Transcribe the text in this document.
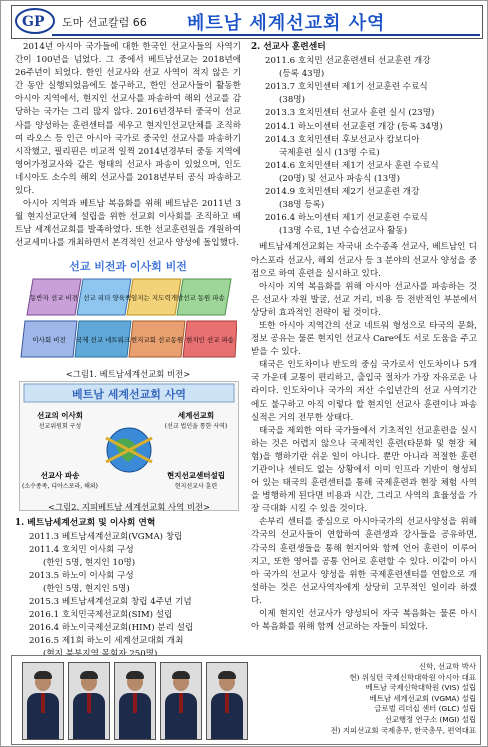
GP 도마 선교칼럼 66 베트남 세계선교회 사역

2014년 아시아 국가들에 대한 한국인 선교사들의 사역기간이 100년을 넘었다. 그 중에서 베트남선교는 2018년에 26주년이 되었다. 한인 선교사와 선교 사역이 적지 않은 기간 동안 실행되었음에도 불구하고, 한인 선교사들이 활동한 아시아 지역에서, 현지인 선교사를 파송하여 해외 선교를 감당하는 국가는 그리 많지 않다. 2016년경부터 중국이 선교사를 양성하는 훈련센터를 세우고 현지인선교단체를 조직하여 라오스 등 인근 아시아 국가로 중국인 선교사를 파송하기 시작했고, 필리핀은 비교적 일찍 2014년경부터 중동 지역에 영어가정교사와 같은 형태의 선교사 파송이 있었으며, 인도네시아도 소수의 해외 선교사를 2018년부터 공식 파송하고 있다.

아시아 지역과 베트남 복음화를 위해 베트남은 2011년 3월 현지선교단체 설립을 위한 선교회 이사회를 조직하고 베트남 세계선교회를 발족하였다. 또한 선교훈련원을 개원하여 선교세미나를 개최하면서 본격적인 선교사 양성에 돌입했다.

선교 비전과 이사회 비전
동반자 선교 비전 선교 리더 양육 책임지는 지도력개발 선교 동원 파송
이사회 비전 국제 선교 네트워크 현지교회 선교동원 현지인 선교 파송
<그림1. 베트남세계선교회 비전>
베트남 세계선교회 사역
선교의 이사회
선교위원회 구성
세계선교회
(선교 법인을 통한 사역)
선교사 파송
(소수종족, 디아스포라, 해외)
현지선교센터설립
현지선교사 훈련
<그림2. 지피베트남 세계선교회 사역 비전>
1. 베트남세계선교회 및 이사회 연혁
2011.3 베트남세계선교회(VGMA) 창립
2011.4 호치민 이사회 구성
(한인 5명, 현지인 10명)
2013.5 하노이 이사회 구성
(한인 5명, 현지인 5명)
2015.3 베트남세계선교회 창립 4주년 기념
2016.1 호치민국제선교회(SIM) 설립
2016.4 하노이국제선교회(HIM) 분리 설립
2016.5 제1회 하노이 세계선교대회 개최
2. 선교사 훈련센터
2011.6 호치민 선교훈련센터 선교훈련 개강
(등록 43명)
2013.7 호치민센터 제1기 선교훈련 수료식
(38명)
2013.3 호치민센터 선교사 훈련 실시 (23명)
2014.1 하노이센터 선교훈련 개강 (등록 34명)
2014.3 호치민센터 후보선교사 캄보디아
국제훈련 실시 (13명 수료)
2014.6 호치민센터 제1기 선교사 훈련 수료식
(20명) 및 선교사 파송식 (13명)
2014.9 호치민센터 제2기 선교훈련 개강
(38명 등록)
2016.4 하노이센터 제1기 선교훈련 수료식
(13명 수료, 1년 수습선교사 활동)

베트남세계선교회는 자국내 소수종족 선교사, 베트남인 디아스포라 선교사, 해외 선교사 등 3 분야의 선교사 양성을 중점으로 하여 훈련을 실시하고 있다.

아시아 지역 복음화를 위해 아시아 선교사를 파송하는 것은 선교사 자원 발굴, 선교 거리, 비용 등 전반적인 부분에서 상당히 효과적인 전략이 될 것이다.

또한 아시아 지역간의 선교 네트워 형성으로 타국의 문화, 정보 공유는 물론 현지인 선교사 Care에도 서로 도움을 주고받을 수 있다.

태국은 인도차이나 반도의 중심 국가로서 인도차이나 5개국 가운데 교통이 편리하고, 출입국 절차가 가장 자유로운 나라이다. 인도차이나 국가의 저산 수입년간의 선교 사역기간에도 불구하고 아직 이렇다 할 현지인 선교사 훈련이나 파송 실적은 거의 전무한 상태다.

태국을 제외한 여타 국가들에서 기초적인 선교훈련을 실시하는 것은 어렵지 않으나 국제적인 훈련(타문화 및 현장 체험)을 행하기란 쉬운 일이 아니다. 뿐만 아니라 적절한 훈련 기관이나 센터도 없는 상황에서 이미 인프라 기반이 형성되어 있는 태국의 훈련센터를 통해 국제훈련과 현장 체험 사역을 병행하게 된다면 비용과 시간, 그리고 사역의 효율성을 가장 극대화 시킬 수 있을 것이다.

손부리 센터를 중심으로 아시아국가의 선교사양성을 위해 각국의 선교사들이 연합하여 훈련생과 강사들을 공유하면, 각국의 훈련생들을 통해 현지어와 함께 언어 훈련이 이루어지고, 또한 영어를 공통 언어로 훈련할 수 있다. 이같이 아시아 국가의 선교사 양성을 위한 국제훈련센터를 연합으로 개설하는 것은 선교사역자에게 상당히 고무적인 일이라 하겠다.

이제 현지인 선교사가 양성되어 자국 복음화는 물론 아시아 복음화를 위해 함께 선교하는 자들이 되었다.

신학, 선교학 박사
현) 위싱턴 국제신학대학원 아시아 대표
베트남 국제신학대학원 (VIS) 설립
베트남 세계선교회 (VGMA) 설립
글로벌 리더십 센터 (GLC) 설립
선교행정 연구소 (MGI) 설립
전) 지피선교회 국제총무, 한국총무, 편역대표
